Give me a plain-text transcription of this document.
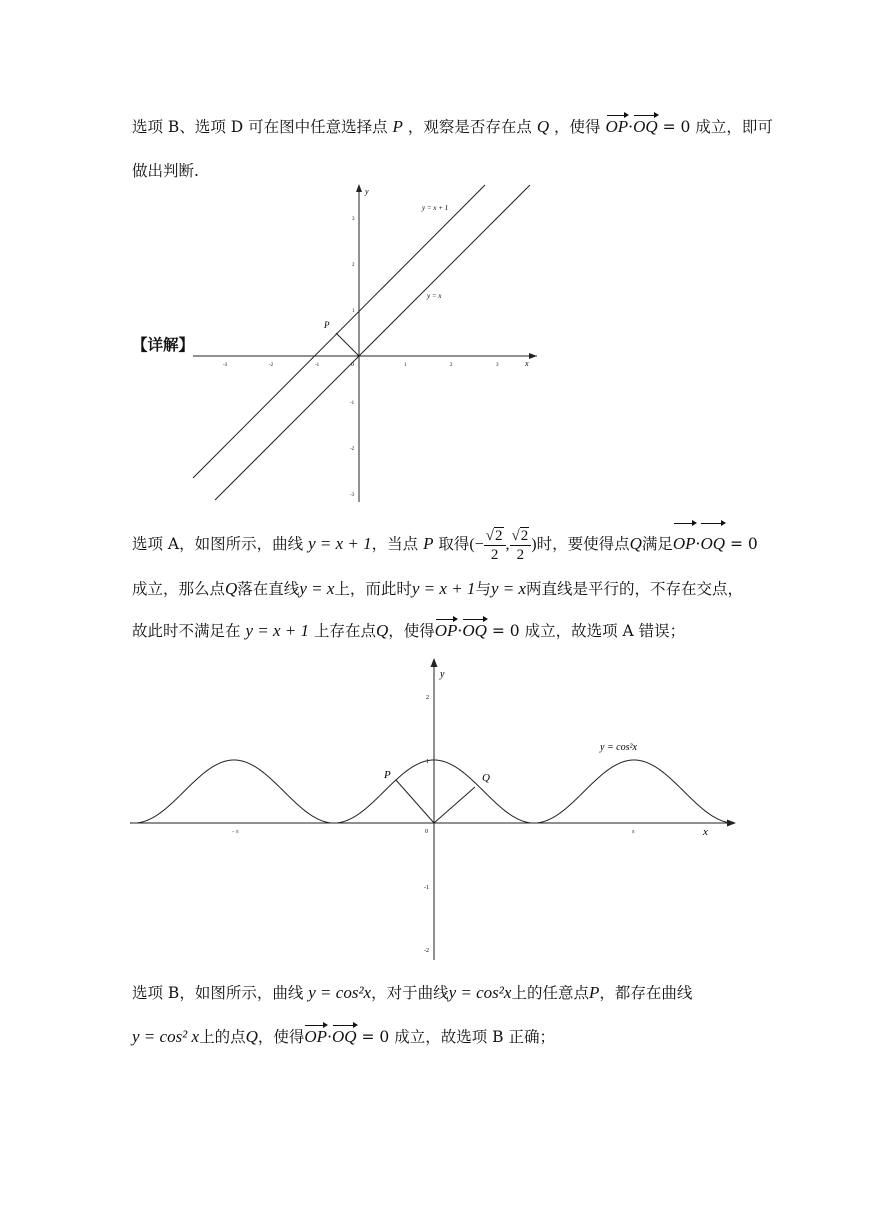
选项 B、选项 D 可在图中任意选择点 P ，观察是否存在点 Q ，使得 OP·OQ = 0 成立，即可
做出判断.
【详解】
y
x
0
-3	-2	-1	1	2	3
3
2
1
-1
-2
-3
y = x + 1
y = x
P
选项 A，如图所示，曲线 y = x + 1，当点 P 取得(− $\frac{√2}{2}$ , $\frac{√2}{2}$ )时，要使得点Q满足OP·OQ = 0
成立，那么点Q落在直线y = x上，而此时y = x + 1与y = x两直线是平行的，不存在交点，
故此时不满足在 y = x + 1 上存在点Q，使得OP·OQ = 0 成立，故选项 A 错误；
x
y
0
2
1
-1
-2
− π	π
y = cos²x
P	Q
选项 B，如图所示，曲线 y = cos²x，对于曲线y = cos²x上的任意点P，都存在曲线
y = cos² x上的点Q，使得OP·OQ = 0 成立，故选项 B 正确；
